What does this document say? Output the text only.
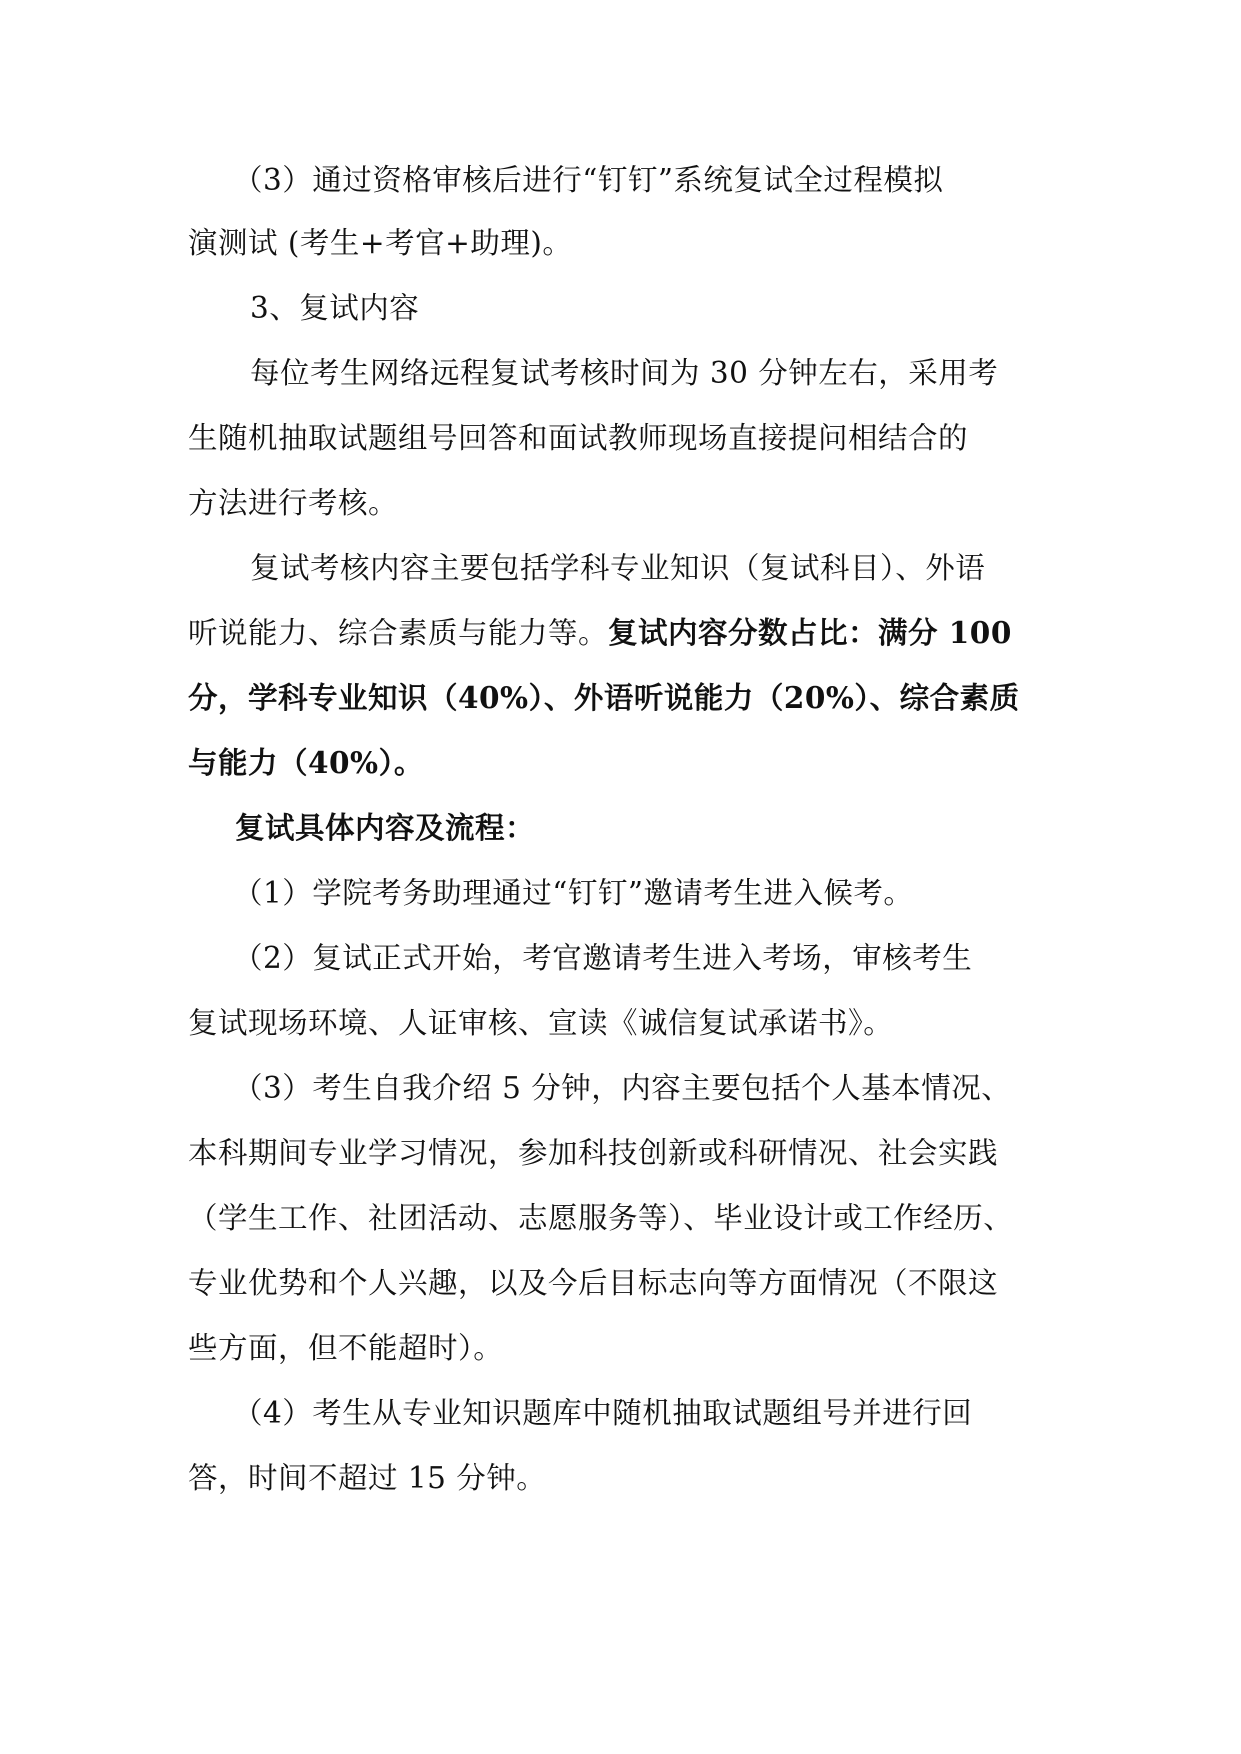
（3）通过资格审核后进行“钉钉”系统复试全过程模拟
演测试 (考生+考官+助理)。
3、复试内容
每位考生网络远程复试考核时间为 30 分钟左右，采用考
生随机抽取试题组号回答和面试教师现场直接提问相结合的
方法进行考核。
复试考核内容主要包括学科专业知识（复试科目）、外语
听说能力、综合素质与能力等。复试内容分数占比：满分 100
分，学科专业知识（40%）、外语听说能力（20%）、综合素质
与能力（40%）。
复试具体内容及流程：
（1）学院考务助理通过“钉钉”邀请考生进入候考。
（2）复试正式开始，考官邀请考生进入考场，审核考生
复试现场环境、人证审核、宣读《诚信复试承诺书》。
（3）考生自我介绍 5 分钟，内容主要包括个人基本情况、
本科期间专业学习情况，参加科技创新或科研情况、社会实践
（学生工作、社团活动、志愿服务等）、毕业设计或工作经历、
专业优势和个人兴趣，以及今后目标志向等方面情况（不限这
些方面，但不能超时）。
（4）考生从专业知识题库中随机抽取试题组号并进行回
答，时间不超过 15 分钟。
